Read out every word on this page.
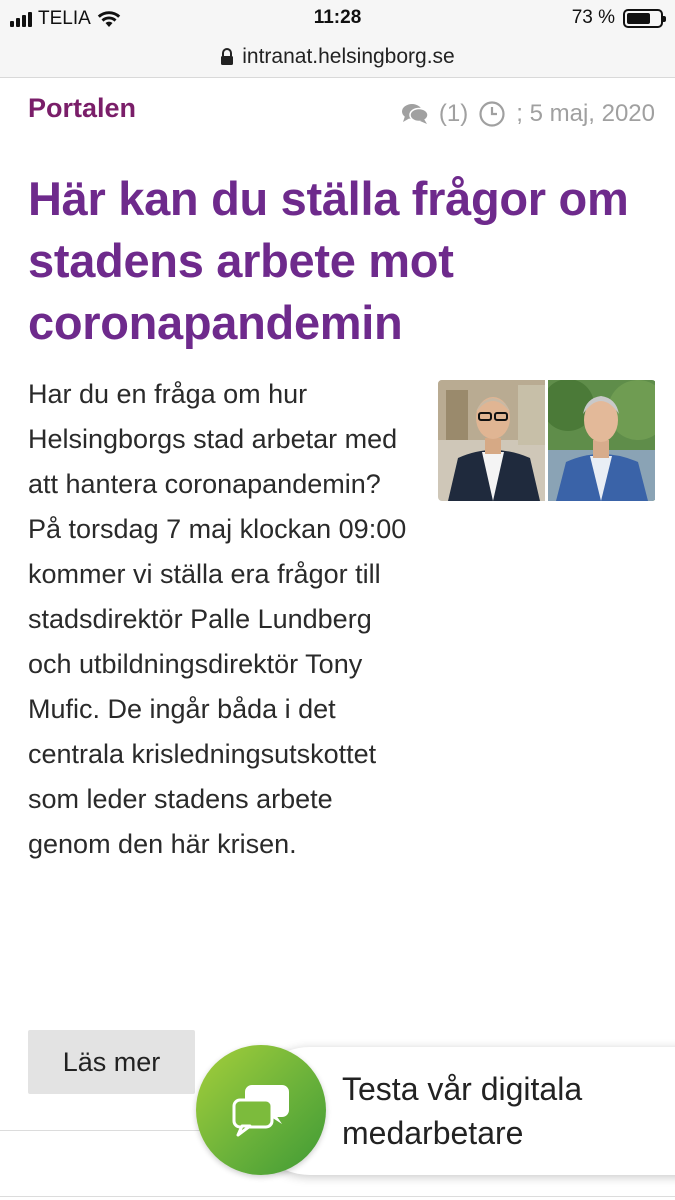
TELIA	11:28	73 %
intranat.helsingborg.se
Portalen	(1) ; 5 maj, 2020
Här kan du ställa frågor om stadens arbete mot coronapandemin

Har du en fråga om hur Helsingborgs stad arbetar med att hantera coronapandemin? På torsdag 7 maj klockan 09:00 kommer vi ställa era frågor till stadsdirektör Palle Lundberg och utbildningsdirektör Tony Mufic. De ingår båda i det centrala krisledningsutskottet som leder stadens arbete genom den här krisen.

Läs mer
Testa vår digitala medarbetare
